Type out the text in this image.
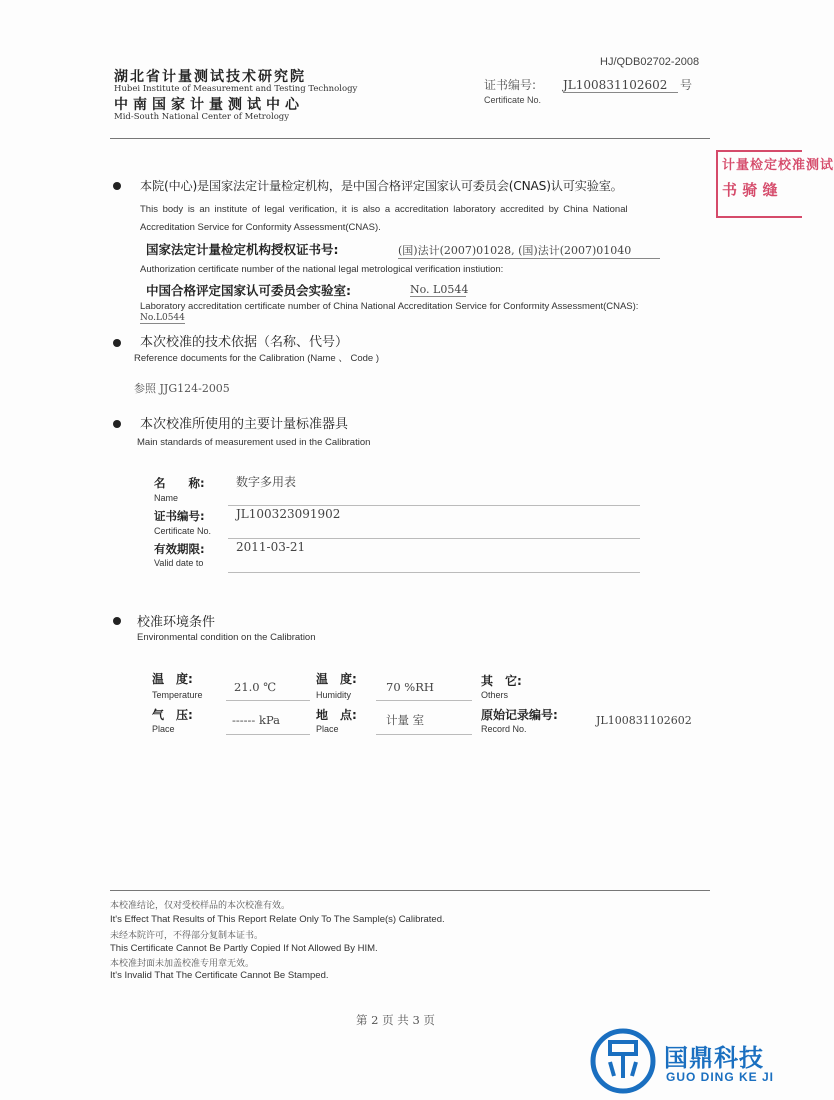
HJ/QDB02702-2008
湖北省计量测试技术研究院
Hubei Institute of Measurement and Testing Technology
中南国家计量测试中心
Mid-South National Center of Metrology
证书编号: JL100831102602	号
Certificate No.
计量检定校准测试
书 骑 缝
本院(中心)是国家法定计量检定机构，是中国合格评定国家认可委员会(CNAS)认可实验室。
This body is an institute of legal verification, it is also a accreditation laboratory accredited by China National
Accreditation Service for Conformity Assessment(CNAS).
国家法定计量检定机构授权证书号:	(国)法计(2007)01028, (国)法计(2007)01040
Authorization certificate number of the national legal metrological verification instiution:
中国合格评定国家认可委员会实验室:	No. L0544
Laboratory accreditation certificate number of China National Accreditation Service for Conformity Assessment(CNAS):
No.L0544
本次校准的技术依据（名称、代号）
Reference documents for the Calibration (Name 、 Code )
参照 JJG124-2005
本次校准所使用的主要计量标准器具
Main standards of measurement used in the Calibration
名　　称:
Name
数字多用表
证书编号:
Certificate No.
JL100323091902
有效期限:
Valid date to
2011-03-21
校准环境条件
Environmental condition on the Calibration
温　度:
Temperature
21.0 ℃
温　度:
Humidity
70 %RH	其　它:
Others
气　压:
Place
------ kPa	地　点:
Place
计量 室	原始记录编号:
Record No.
JL100831102602
本校准结论，仅对受校样品的本次校准有效。
It's Effect That Results of This Report Relate Only To The Sample(s) Calibrated.
未经本院许可，不得部分复制本证书。
This Certificate Cannot Be Partly Copied If Not Allowed By HIM.
本校准封面未加盖校准专用章无效。
It's Invalid That The Certificate Cannot Be Stamped.
第 2 页 共 3 页
国鼎科技
GUO DING KE JI
